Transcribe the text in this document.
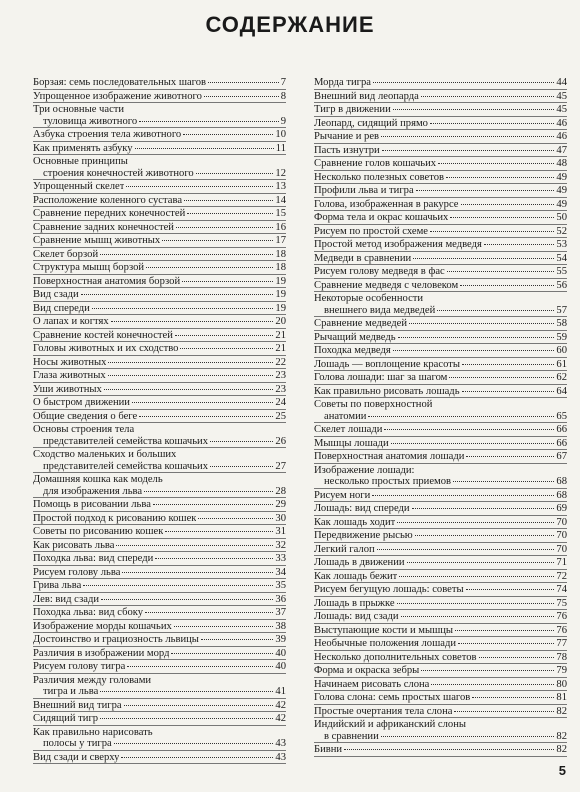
СОДЕРЖАНИЕ
Борзая: семь последовательных шагов	7
Упрощенное изображение животного	8
Три основные части
туловища животного	9
Азбука строения тела животного	10
Как применять азбуку	11
Основные принципы
строения конечностей животного	12
Упрощенный скелет	13
Расположение коленного сустава	14
Сравнение передних конечностей	15
Сравнение задних конечностей	16
Сравнение мышц животных	17
Скелет борзой	18
Структура мышц борзой	18
Поверхностная анатомия борзой	19
Вид сзади	19
Вид спереди	19
О лапах и когтях	20
Сравнение костей конечностей	21
Головы животных и их сходство	21
Носы животных	22
Глаза животных	23
Уши животных	23
О быстром движении	24
Общие сведения о беге	25
Основы строения тела
представителей семейства кошачьих	26
Сходство маленьких и больших
представителей семейства кошачьих	27
Домашняя кошка как модель
для изображения льва	28
Помощь в рисовании льва	29
Простой подход к рисованию кошек	30
Советы по рисованию кошек	31
Как рисовать льва	32
Походка льва: вид спереди	33
Рисуем голову льва	34
Грива льва	35
Лев: вид сзади	36
Походка льва: вид сбоку	37
Изображение морды кошачьих	38
Достоинство и грациозность львицы	39
Различия в изображении морд	40
Рисуем голову тигра	40
Различия между головами
тигра и льва	41
Внешний вид тигра	42
Сидящий тигр	42
Как правильно нарисовать
полосы у тигра	43
Вид сзади и сверху	43
Морда тигра	44
Внешний вид леопарда	45
Тигр в движении	45
Леопард, сидящий прямо	46
Рычание и рев	46
Пасть изнутри	47
Сравнение голов кошачьих	48
Несколько полезных советов	49
Профили льва и тигра	49
Голова, изображенная в ракурсе	49
Форма тела и окрас кошачьих	50
Рисуем по простой схеме	52
Простой метод изображения медведя	53
Медведи в сравнении	54
Рисуем голову медведя в фас	55
Сравнение медведя с человеком	56
Некоторые особенности
внешнего вида медведей	57
Сравнение медведей	58
Рычащий медведь	59
Походка медведя	60
Лошадь — воплощение красоты	61
Голова лошади: шаг за шагом	62
Как правильно рисовать лошадь	64
Советы по поверхностной
анатомии	65
Скелет лошади	66
Мышцы лошади	66
Поверхностная анатомия лошади	67
Изображение лошади:
несколько простых приемов	68
Рисуем ноги	68
Лошадь: вид спереди	69
Как лошадь ходит	70
Передвижение рысью	70
Легкий галоп	70
Лошадь в движении	71
Как лошадь бежит	72
Рисуем бегущую лошадь: советы	74
Лошадь в прыжке	75
Лошадь: вид сзади	76
Выступающие кости и мышцы	76
Необычные положения лошади	77
Несколько дополнительных советов	78
Форма и окраска зебры	79
Начинаем рисовать слона	80
Голова слона: семь простых шагов	81
Простые очертания тела слона	82
Индийский и африканский слоны
в сравнении	82
Бивни	82
5
